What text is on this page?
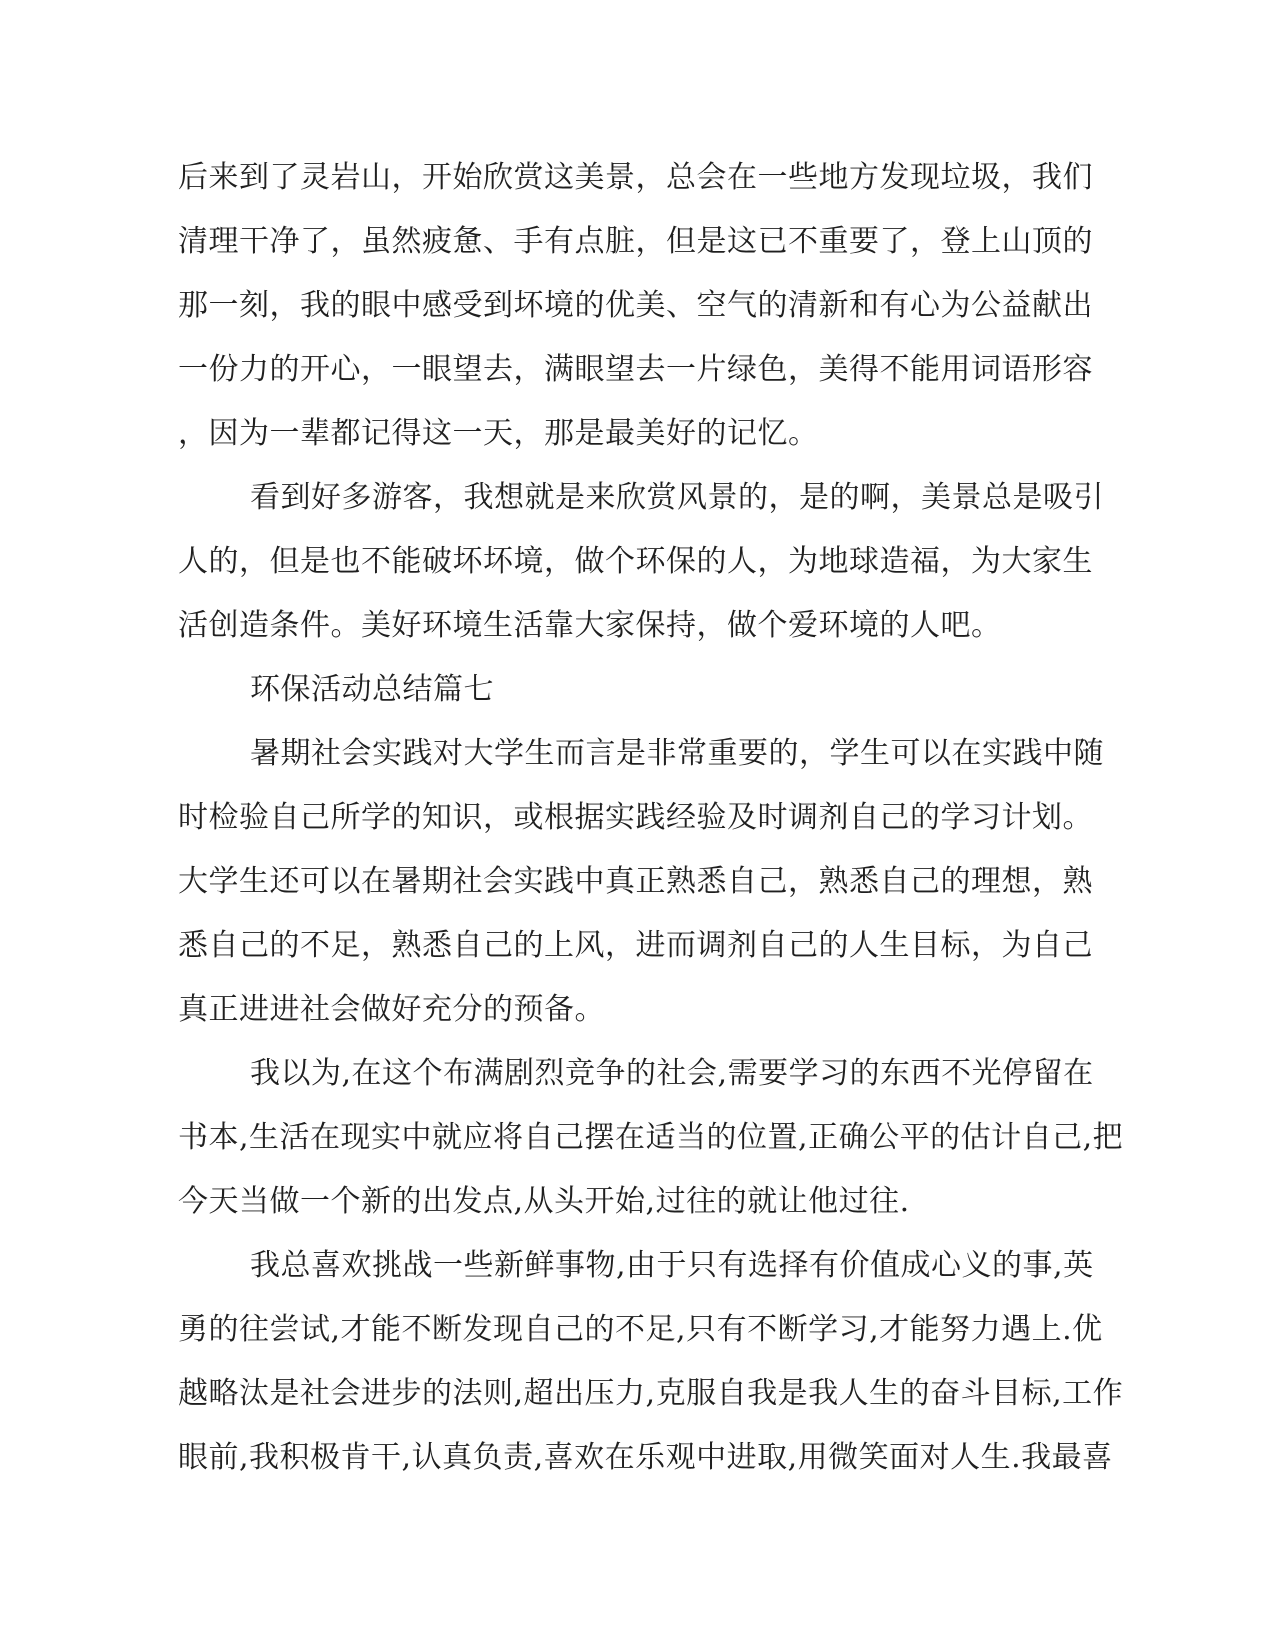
后来到了灵岩山，开始欣赏这美景，总会在一些地方发现垃圾，我们
清理干净了，虽然疲惫、手有点脏，但是这已不重要了，登上山顶的
那一刻，我的眼中感受到坏境的优美、空气的清新和有心为公益献出
一份力的开心，一眼望去，满眼望去一片绿色，美得不能用词语形容
，因为一辈都记得这一天，那是最美好的记忆。
看到好多游客，我想就是来欣赏风景的，是的啊，美景总是吸引
人的，但是也不能破坏坏境，做个环保的人，为地球造福，为大家生
活创造条件。美好环境生活靠大家保持，做个爱环境的人吧。
环保活动总结篇七
暑期社会实践对大学生而言是非常重要的，学生可以在实践中随
时检验自己所学的知识，或根据实践经验及时调剂自己的学习计划。
大学生还可以在暑期社会实践中真正熟悉自己，熟悉自己的理想，熟
悉自己的不足，熟悉自己的上风，进而调剂自己的人生目标，为自己
真正进进社会做好充分的预备。
我以为,在这个布满剧烈竞争的社会,需要学习的东西不光停留在
书本,生活在现实中就应将自己摆在适当的位置,正确公平的估计自己,把
今天当做一个新的出发点,从头开始,过往的就让他过往.
我总喜欢挑战一些新鲜事物,由于只有选择有价值成心义的事,英
勇的往尝试,才能不断发现自己的不足,只有不断学习,才能努力遇上.优
越略汰是社会进步的法则,超出压力,克服自我是我人生的奋斗目标,工作
眼前,我积极肯干,认真负责,喜欢在乐观中进取,用微笑面对人生.我最喜
